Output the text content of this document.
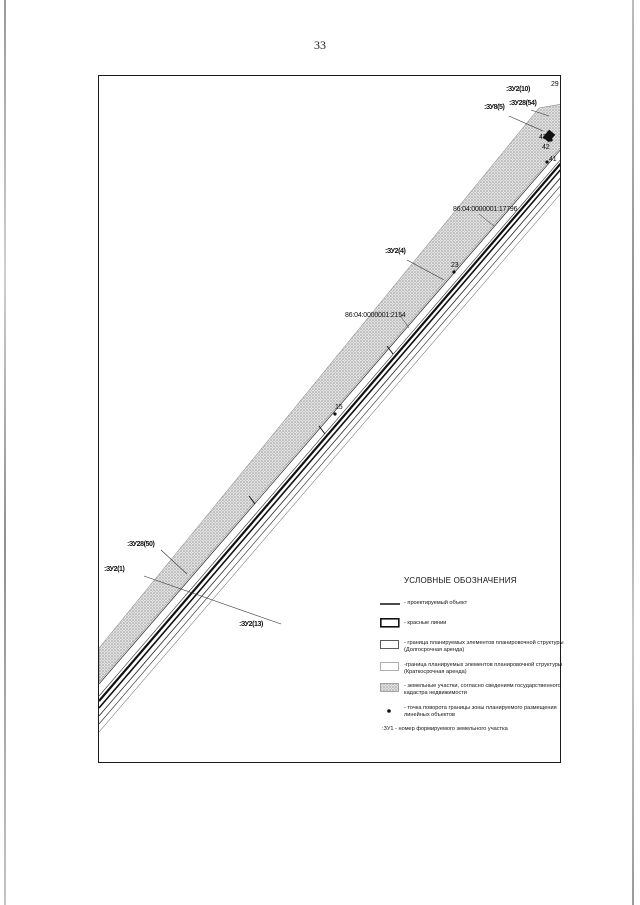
33
:ЗУ2(10)
:ЗУ28(54)
:ЗУ8(5)
86:04:0000001:17796
:ЗУ2(4)
86:04:0000001:2154
:ЗУ28(50)
:ЗУ2(1)
:ЗУ2(13)
29
43
42
41
23
15
УСЛОВНЫЕ ОБОЗНАЧЕНИЯ
- проектируемый объект
- красные линии
- граница планируемых элементов планировочной структуры (Долгосрочная аренда)
-граница планируемых элементов планировочной структуры (Краткосрочная аренда)
- земельные участки, согласно сведениям государственного кадастра недвижимости
- точка поворота границы зоны планируемого размещения линейных объектов
:ЗУ1 - номер формируемого земельного участка
